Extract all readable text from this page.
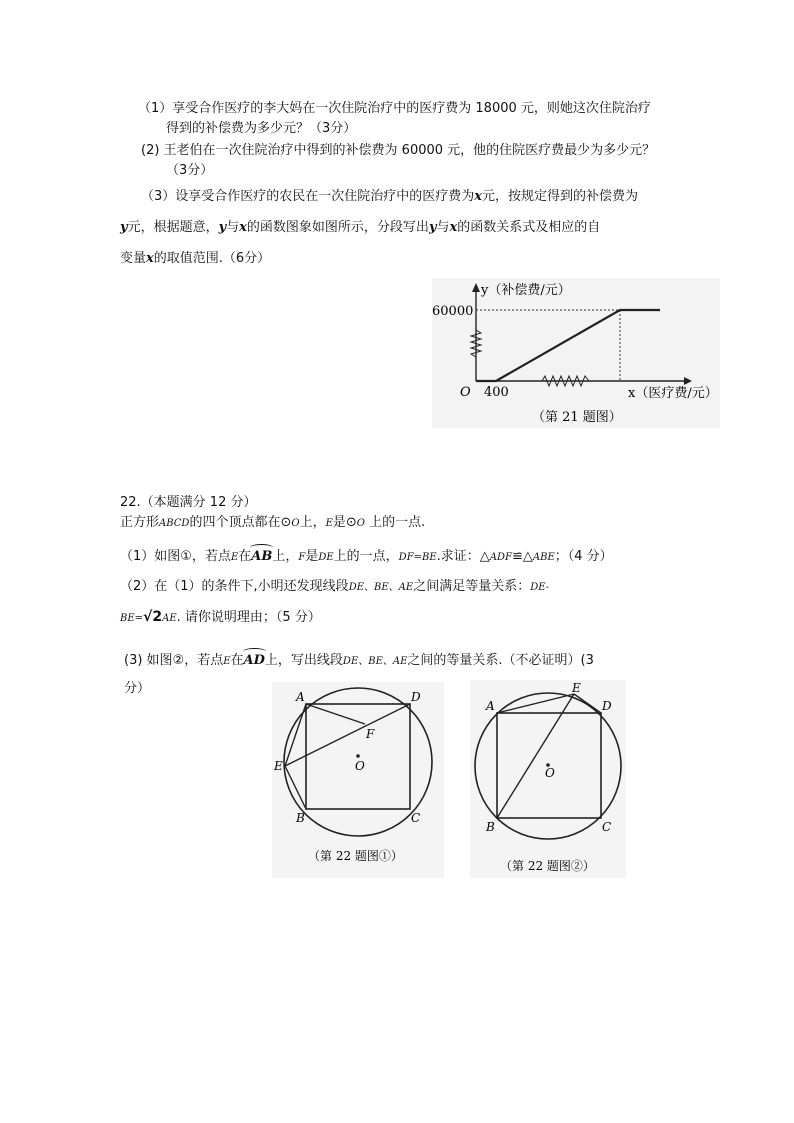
（1）享受合作医疗的李大妈在一次住院治疗中的医疗费为 18000 元，则她这次住院治疗
得到的补偿费为多少元？（3分）
(2) 王老伯在一次住院治疗中得到的补偿费为 60000 元，他的住院医疗费最少为多少元？
（3分）
（3）设享受合作医疗的农民在一次住院治疗中的医疗费为x元，按规定得到的补偿费为
y元，根据题意，y与x的函数图象如图所示，分段写出y与x的函数关系式及相应的自
变量x的取值范围.（6分）
y（补偿费/元）
60000
O 400	x（医疗费/元）
（第 21 题图）
22.（本题满分 12 分）
正方形ABCD的四个顶点都在⊙O上，E是⊙O 上的一点.
（1）如图①，若点E在AB上，F是DE上的一点，DF=BE.求证：△ADF≌△ABE；（4 分）
（2）在（1）的条件下,小明还发现线段DE、BE、AE之间满足等量关系：DE-
BE=√2AE. 请你说明理由；（5 分）
(3) 如图②，若点E在AD上，写出线段DE、BE、AE之间的等量关系.（不必证明）(3
分）
A	D
E
F
O
B	C
（第 22 题图①）
A
E
D
O
B	C
（第 22 题图②）
